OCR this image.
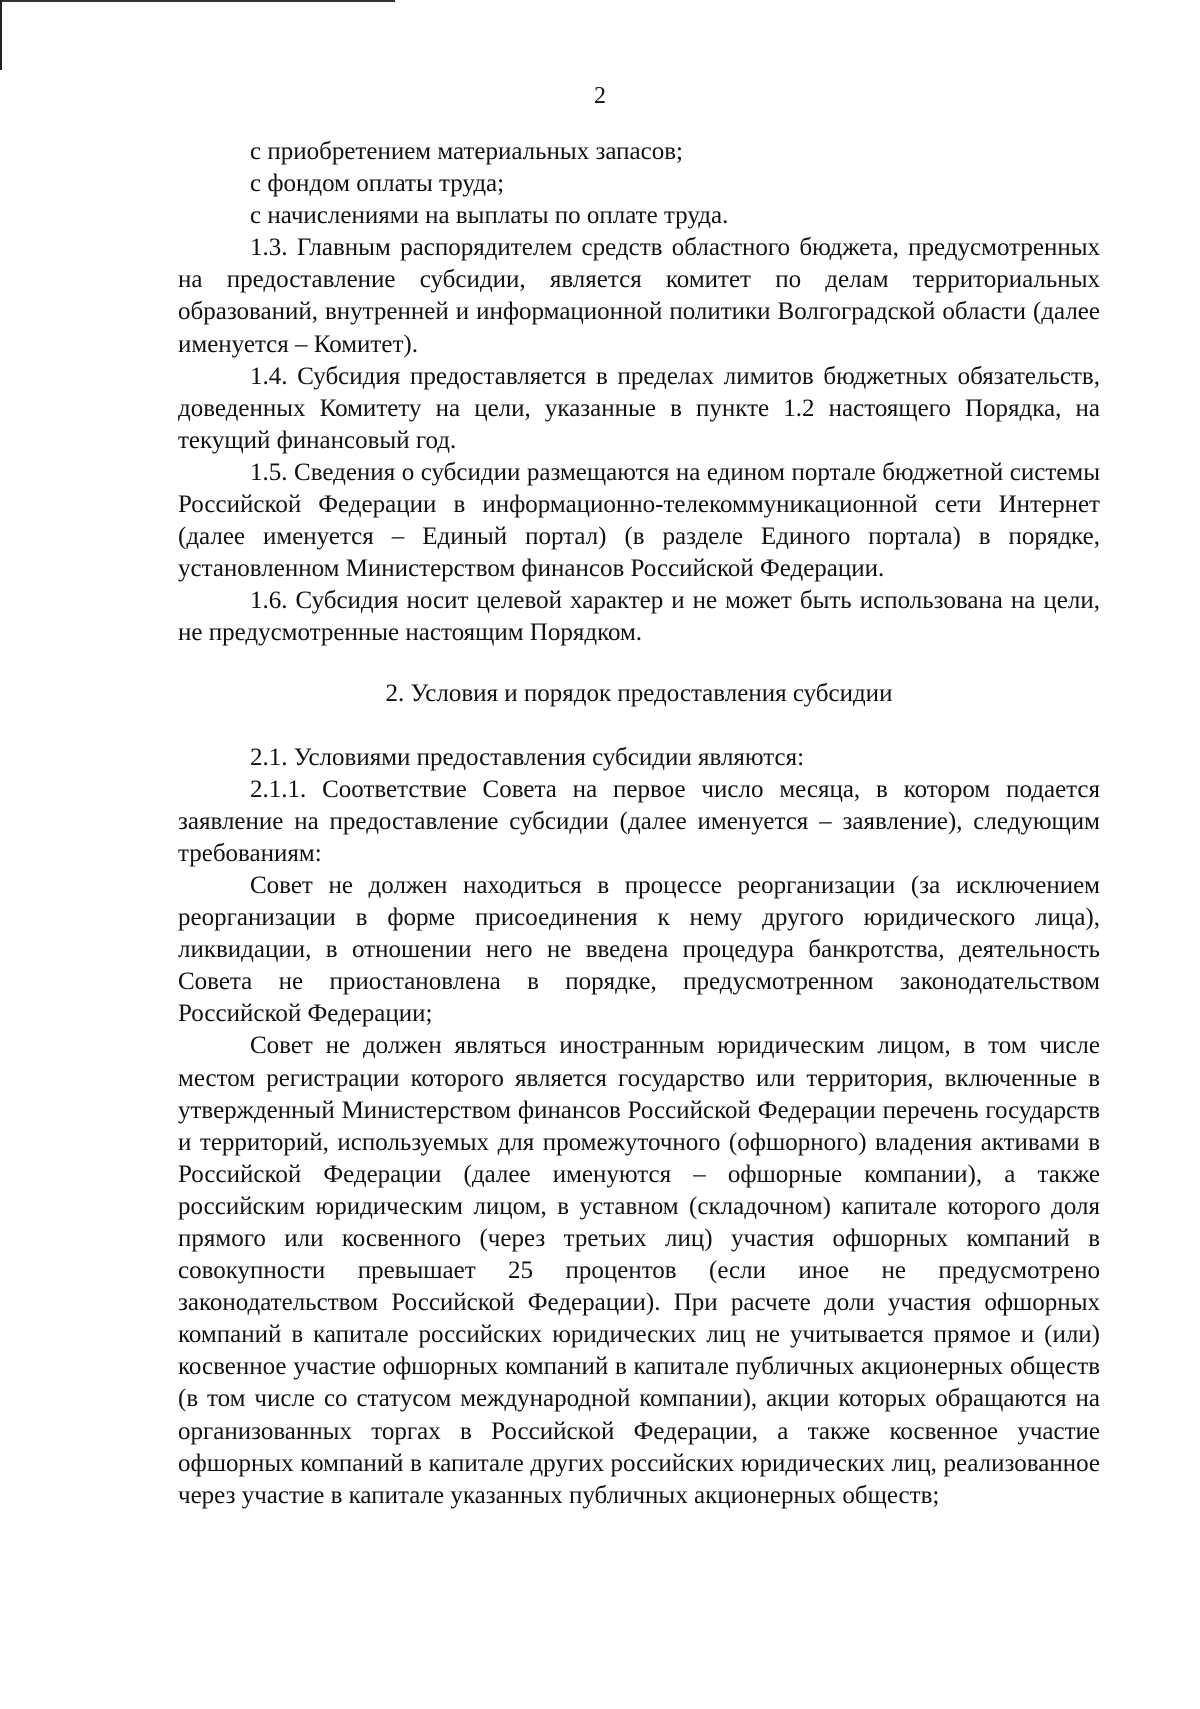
2

с приобретением материальных запасов;

с фондом оплаты труда;

с начислениями на выплаты по оплате труда.

1.3. Главным распорядителем средств областного бюджета, предусмотренных на предоставление субсидии, является комитет по делам территориальных образований, внутренней и информационной политики Волгоградской области (далее именуется – Комитет).

1.4. Субсидия предоставляется в пределах лимитов бюджетных обязательств, доведенных Комитету на цели, указанные в пункте 1.2 настоящего Порядка, на текущий финансовый год.

1.5. Сведения о субсидии размещаются на едином портале бюджетной системы Российской Федерации в информационно-телекоммуникационной сети Интернет (далее именуется – Единый портал) (в разделе Единого портала) в порядке, установленном Министерством финансов Российской Федерации.

1.6. Субсидия носит целевой характер и не может быть использована на цели, не предусмотренные настоящим Порядком.

2. Условия и порядок предоставления субсидии

2.1. Условиями предоставления субсидии являются:

2.1.1. Соответствие Совета на первое число месяца, в котором подается заявление на предоставление субсидии (далее именуется – заявление), следующим требованиям:

Совет не должен находиться в процессе реорганизации (за исключением реорганизации в форме присоединения к нему другого юридического лица), ликвидации, в отношении него не введена процедура банкротства, деятельность Совета не приостановлена в порядке, предусмотренном законодательством Российской Федерации;

Совет не должен являться иностранным юридическим лицом, в том числе местом регистрации которого является государство или территория, включенные в утвержденный Министерством финансов Российской Федерации перечень государств и территорий, используемых для промежуточного (офшорного) владения активами в Российской Федерации (далее именуются – офшорные компании), а также российским юридическим лицом, в уставном (складочном) капитале которого доля прямого или косвенного (через третьих лиц) участия офшорных компаний в совокупности превышает 25 процентов (если иное не предусмотрено законодательством Российской Федерации). При расчете доли участия офшорных компаний в капитале российских юридических лиц не учитывается прямое и (или) косвенное участие офшорных компаний в капитале публичных акционерных обществ (в том числе со статусом международной компании), акции которых обращаются на организованных торгах в Российской Федерации, а также косвенное участие офшорных компаний в капитале других российских юридических лиц, реализованное через участие в капитале указанных публичных акционерных обществ;
